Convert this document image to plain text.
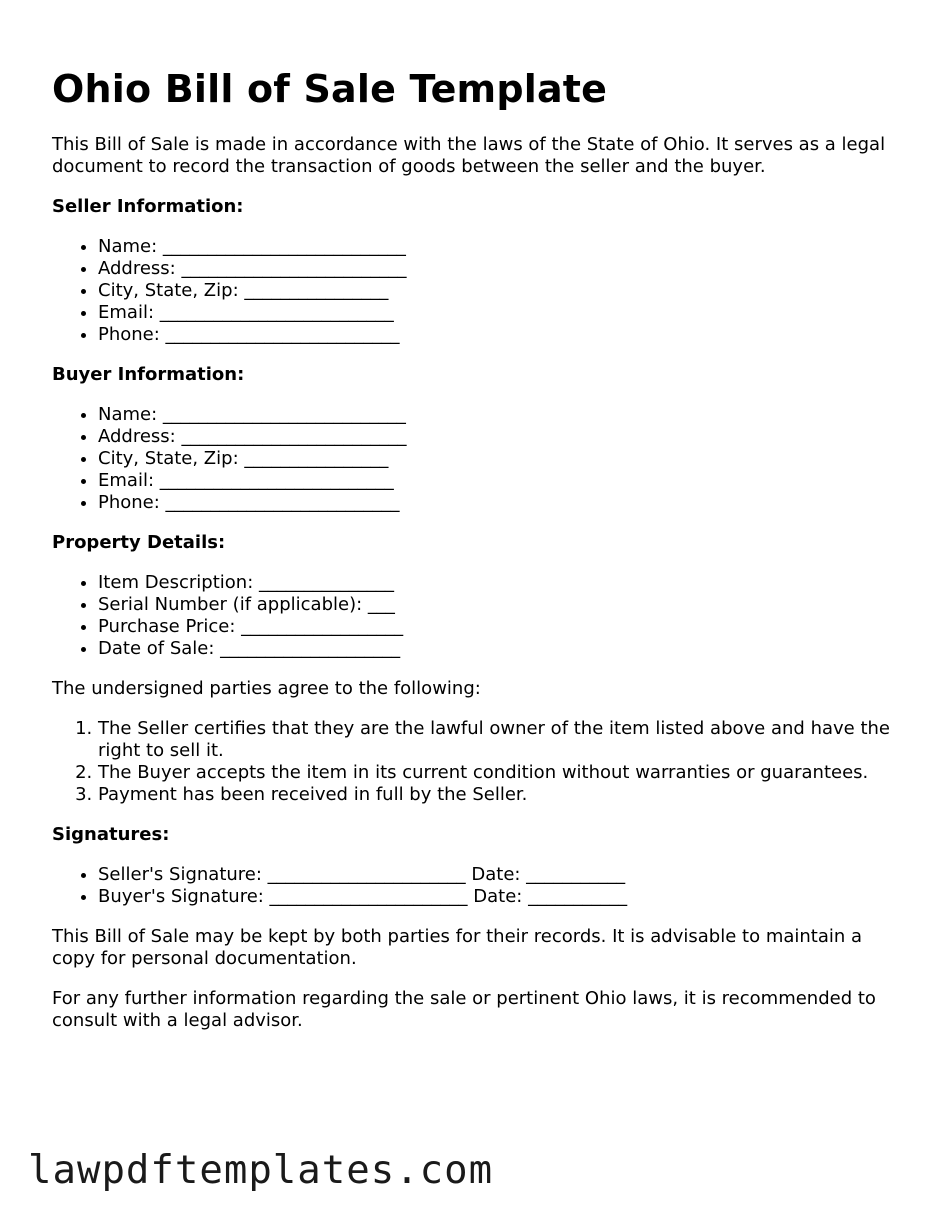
Ohio Bill of Sale Template

This Bill of Sale is made in accordance with the laws of the State of Ohio. It serves as a legal document to record the transaction of goods between the seller and the buyer.

Seller Information:
• Name: ___________________________
• Address: _________________________
• City, State, Zip: ________________
• Email: __________________________
• Phone: __________________________
Buyer Information:
• Name: ___________________________
• Address: _________________________
• City, State, Zip: ________________
• Email: __________________________
• Phone: __________________________
Property Details:
• Item Description: _______________
• Serial Number (if applicable): ___
• Purchase Price: __________________
• Date of Sale: ____________________

The undersigned parties agree to the following:

1. The Seller certifies that they are the lawful owner of the item listed above and have the right to sell it.
2. The Buyer accepts the item in its current condition without warranties or guarantees.
3. Payment has been received in full by the Seller.
Signatures:
• Seller's Signature: ______________________ Date: ___________
• Buyer's Signature: ______________________ Date: ___________

This Bill of Sale may be kept by both parties for their records. It is advisable to maintain a copy for personal documentation.

For any further information regarding the sale or pertinent Ohio laws, it is recommended to consult with a legal advisor.

lawpdftemplates.com
